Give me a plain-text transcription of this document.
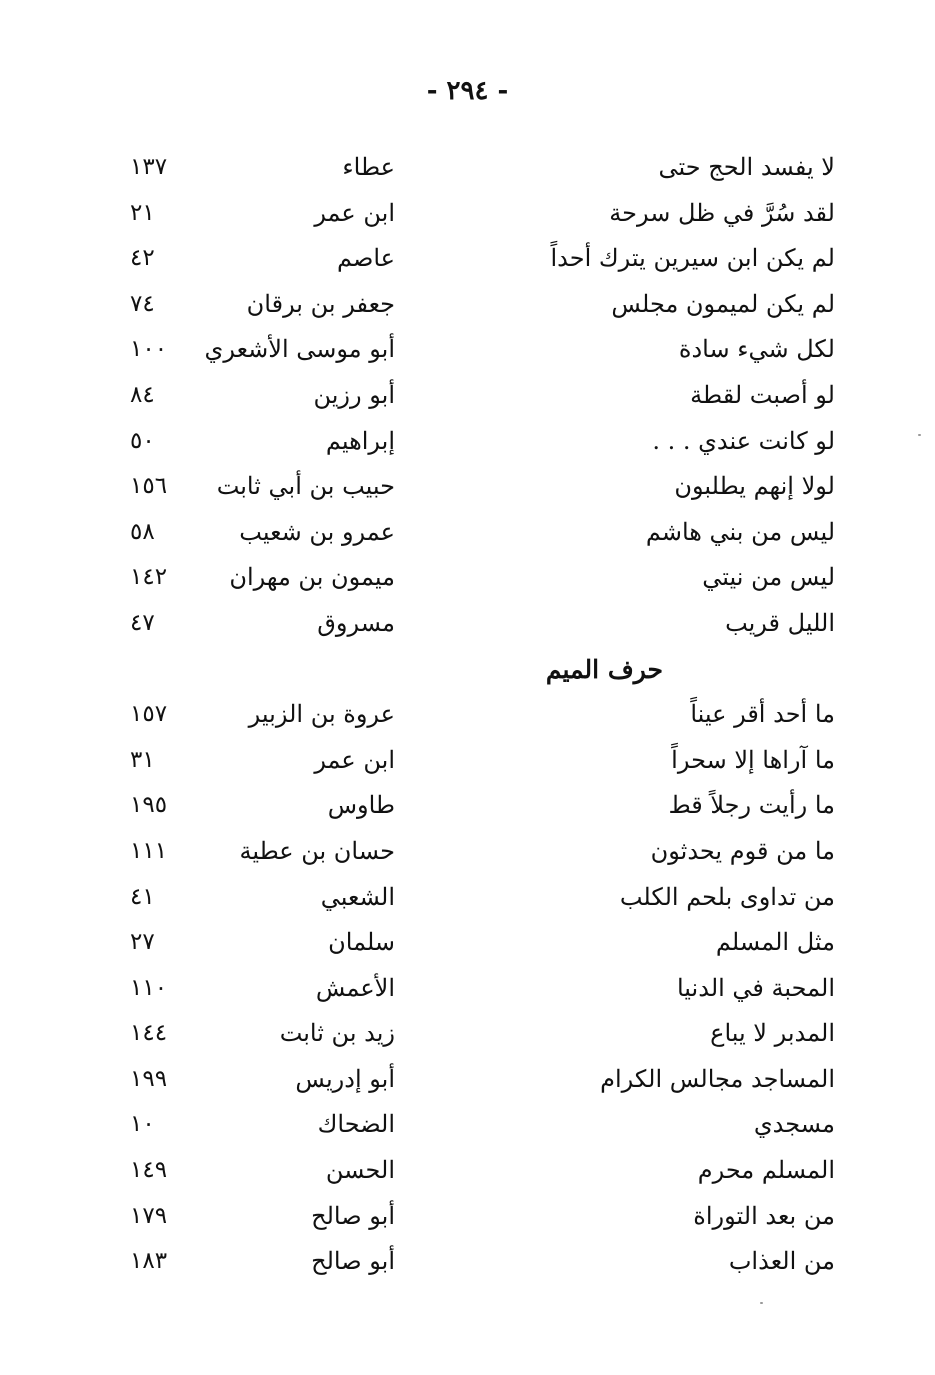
- ٢٩٤ -
لا يفسد الحج حتى
عطاء
١٣٧
لقد سُرَّ في ظل سرحة
ابن عمر
٢١
لم يكن ابن سيرين يترك أحداً
عاصم
٤٢
لم يكن لميمون مجلس
جعفر بن برقان
٧٤
لكل شيء سادة
أبو موسى الأشعري
١٠٠
لو أصبت لقطة
أبو رزين
٨٤
لو كانت عندي . . .
إبراهيم
٥٠
لولا إنهم يطلبون
حبيب بن أبي ثابت
١٥٦
ليس من بني هاشم
عمرو بن شعيب
٥٨
ليس من نيتي
ميمون بن مهران
١٤٢
الليل قريب
مسروق
٤٧
حرف الميم
ما أحد أقر عيناً
عروة بن الزبير
١٥٧
ما آراها إلا سحراً
ابن عمر
٣١
ما رأيت رجلاً قط
طاوس
١٩٥
ما من قوم يحدثون
حسان بن عطية
١١١
من تداوى بلحم الكلب
الشعبي
٤١
مثل المسلم
سلمان
٢٧
المحبة في الدنيا
الأعمش
١١٠
المدبر لا يباع
زيد بن ثابت
١٤٤
المساجد مجالس الكرام
أبو إدريس
١٩٩
مسجدي
الضحاك
١٠
المسلم محرم
الحسن
١٤٩
من بعد التوراة
أبو صالح
١٧٩
من العذاب
أبو صالح
١٨٣
